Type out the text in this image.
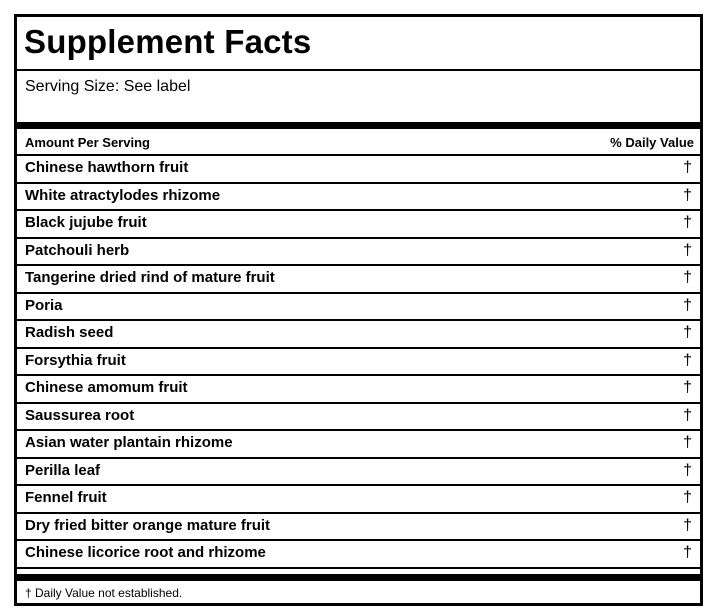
Supplement Facts
Serving Size: See label
Amount Per Serving	% Daily Value
Chinese hawthorn fruit	†
White atractylodes rhizome	†
Black jujube fruit	†
Patchouli herb	†
Tangerine dried rind of mature fruit	†
Poria	†
Radish seed	†
Forsythia fruit	†
Chinese amomum fruit	†
Saussurea root	†
Asian water plantain rhizome	†
Perilla leaf	†
Fennel fruit	†
Dry fried bitter orange mature fruit	†
Chinese licorice root and rhizome	†
† Daily Value not established.
